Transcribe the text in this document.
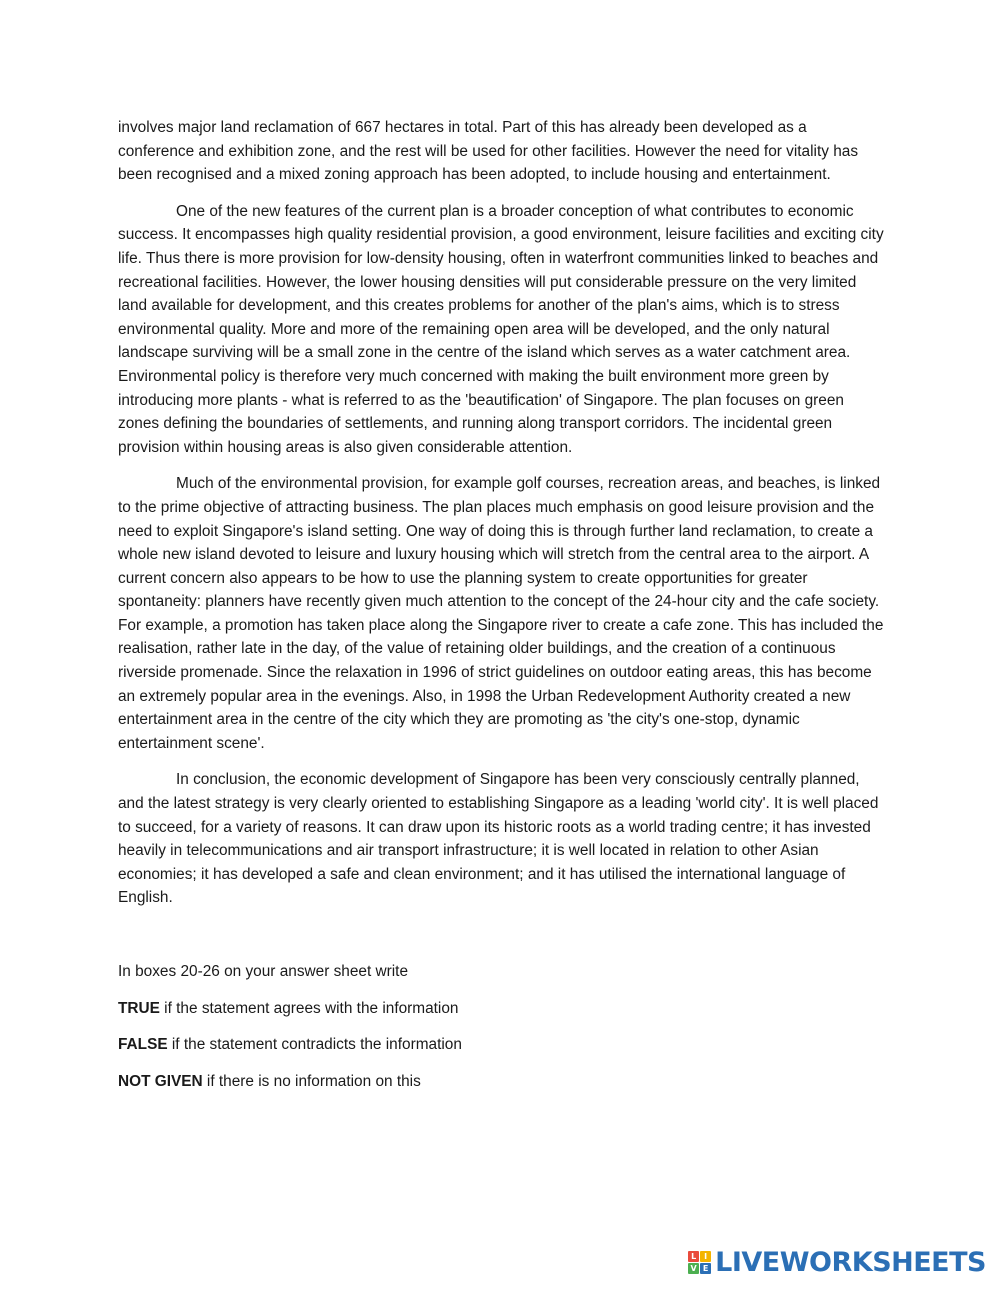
involves major land reclamation of 667 hectares in total. Part of this has already been developed as a conference and exhibition zone, and the rest will be used for other facilities. However the need for vitality has been recognised and a mixed zoning approach has been adopted, to include housing and entertainment.

One of the new features of the current plan is a broader conception of what contributes to economic success. It encompasses high quality residential provision, a good environment, leisure facilities and exciting city life. Thus there is more provision for low-density housing, often in waterfront communities linked to beaches and recreational facilities. However, the lower housing densities will put considerable pressure on the very limited land available for development, and this creates problems for another of the plan's aims, which is to stress environmental quality. More and more of the remaining open area will be developed, and the only natural landscape surviving will be a small zone in the centre of the island which serves as a water catchment area. Environmental policy is therefore very much concerned with making the built environment more green by introducing more plants - what is referred to as the 'beautification' of Singapore. The plan focuses on green zones defining the boundaries of settlements, and running along transport corridors. The incidental green provision within housing areas is also given considerable attention.

Much of the environmental provision, for example golf courses, recreation areas, and beaches, is linked to the prime objective of attracting business. The plan places much emphasis on good leisure provision and the need to exploit Singapore's island setting. One way of doing this is through further land reclamation, to create a whole new island devoted to leisure and luxury housing which will stretch from the central area to the airport. A current concern also appears to be how to use the planning system to create opportunities for greater spontaneity: planners have recently given much attention to the concept of the 24-hour city and the cafe society. For example, a promotion has taken place along the Singapore river to create a cafe zone. This has included the realisation, rather late in the day, of the value of retaining older buildings, and the creation of a continuous riverside promenade. Since the relaxation in 1996 of strict guidelines on outdoor eating areas, this has become an extremely popular area in the evenings. Also, in 1998 the Urban Redevelopment Authority created a new entertainment area in the centre of the city which they are promoting as 'the city's one-stop, dynamic entertainment scene'.

In conclusion, the economic development of Singapore has been very consciously centrally planned, and the latest strategy is very clearly oriented to establishing Singapore as a leading 'world city'. It is well placed to succeed, for a variety of reasons. It can draw upon its historic roots as a world trading centre; it has invested heavily in telecommunications and air transport infrastructure; it is well located in relation to other Asian economies; it has developed a safe and clean environment; and it has utilised the international language of English.

In boxes 20-26 on your answer sheet write

TRUE if the statement agrees with the information

FALSE if the statement contradicts the information

NOT GIVEN if there is no information on this

L I
V E LIVEWORKSHEETS
